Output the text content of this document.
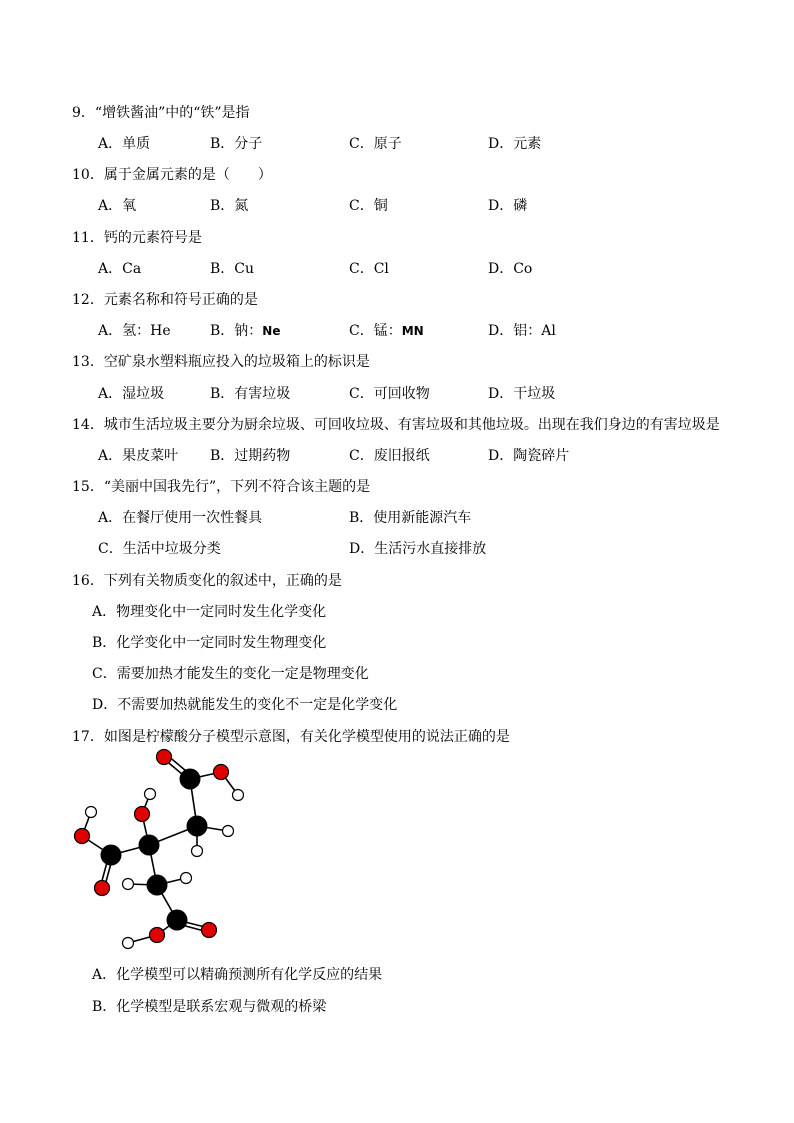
9．“增铁酱油”中的“铁”是指
A．单质	B．分子	C．原子	D．元素
10．属于金属元素的是（　　）
A．氧	B．氮	C．铜	D．磷
11．钙的元素符号是
A．Ca	B．Cu	C．Cl	D．Co
12．元素名称和符号正确的是
A．氢：He	B．钠：Ne	C．锰：MN	D．铝：Al
13．空矿泉水塑料瓶应投入的垃圾箱上的标识是
A．湿垃圾	B．有害垃圾	C．可回收物	D．干垃圾
14．城市生活垃圾主要分为厨余垃圾、可回收垃圾、有害垃圾和其他垃圾。出现在我们身边的有害垃圾是
A．果皮菜叶 B．过期药物	C．废旧报纸	D．陶瓷碎片
15．“美丽中国我先行”，下列不符合该主题的是
A．在餐厅使用一次性餐具	B．使用新能源汽车
C．生活中垃圾分类	D．生活污水直接排放
16．下列有关物质变化的叙述中，正确的是
A．物理变化中一定同时发生化学变化
B．化学变化中一定同时发生物理变化
C．需要加热才能发生的变化一定是物理变化
D．不需要加热就能发生的变化不一定是化学变化
17．如图是柠檬酸分子模型示意图，有关化学模型使用的说法正确的是
A．化学模型可以精确预测所有化学反应的结果
B．化学模型是联系宏观与微观的桥梁
